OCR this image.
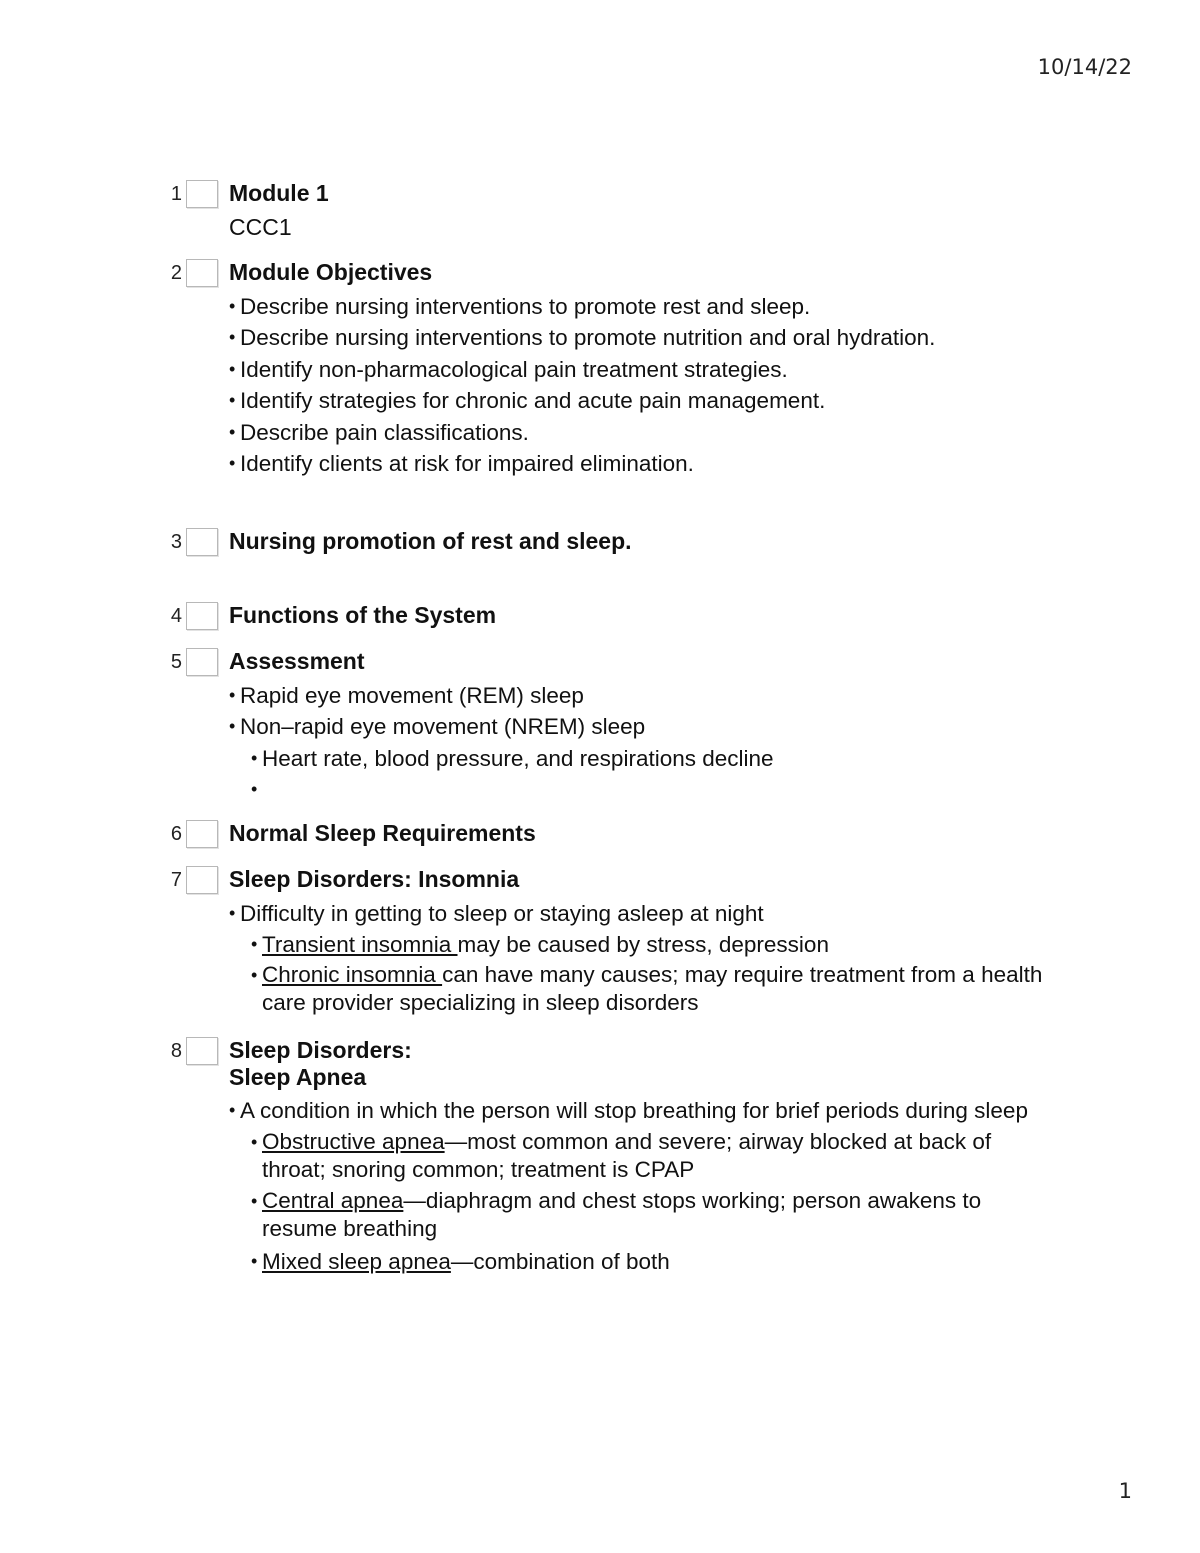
10/14/22
1 Module 1
CCC1
2 Module Objectives
• Describe nursing interventions to promote rest and sleep.
• Describe nursing interventions to promote nutrition and oral hydration.
• Identify non-pharmacological pain treatment strategies.
• Identify strategies for chronic and acute pain management.
• Describe pain classifications.
• Identify clients at risk for impaired elimination.
3 Nursing promotion of rest and sleep.
4 Functions of the System
5 Assessment
• Rapid eye movement (REM) sleep
• Non–rapid eye movement (NREM) sleep
• Heart rate, blood pressure, and respirations decline
6 Normal Sleep Requirements
7 Sleep Disorders: Insomnia
• Difficulty in getting to sleep or staying asleep at night
• Transient insomnia may be caused by stress, depression
• Chronic insomnia can have many causes; may require treatment from a health care provider specializing in sleep disorders
8 Sleep Disorders:
Sleep Apnea
• A condition in which the person will stop breathing for brief periods during sleep
• Obstructive apnea—most common and severe; airway blocked at back of throat; snoring common; treatment is CPAP
• Central apnea—diaphragm and chest stops working; person awakens to resume breathing
• Mixed sleep apnea—combination of both
1
